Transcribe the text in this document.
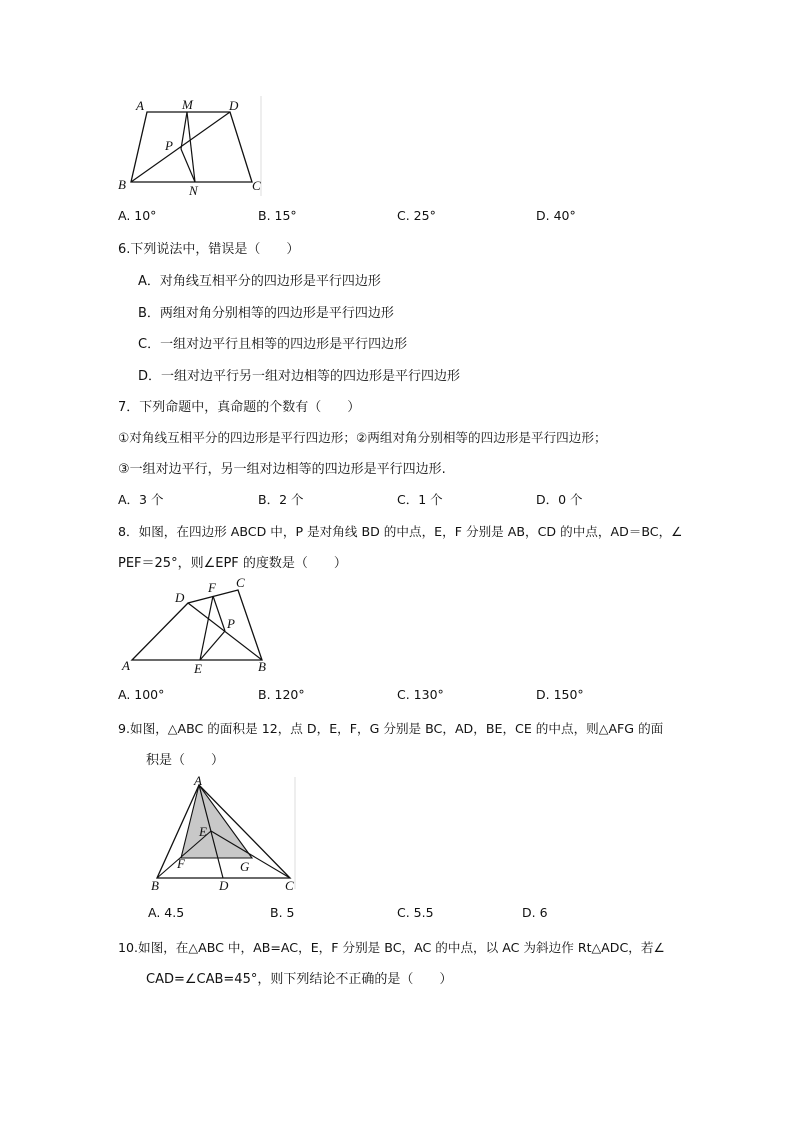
A	M	D
P
B	N	C
A. 10°	B. 15°	C. 25°	D. 40°
6.下列说法中，错误是（　　）
A．对角线互相平分的四边形是平行四边形
B．两组对角分别相等的四边形是平行四边形
C．一组对边平行且相等的四边形是平行四边形
D．一组对边平行另一组对边相等的四边形是平行四边形
7．下列命题中，真命题的个数有（　　）
①对角线互相平分的四边形是平行四边形；②两组对角分别相等的四边形是平行四边形；
③一组对边平行，另一组对边相等的四边形是平行四边形.
A．3 个	B．2 个	C．1 个	D．0 个
8．如图，在四边形 ABCD 中，P 是对角线 BD 的中点，E，F 分别是 AB，CD 的中点，AD＝BC，∠
PEF＝25°，则∠EPF 的度数是（　　）
D
F C
P
A	E	B
A. 100°	B. 120°	C. 130°	D. 150°
9.如图，△ABC 的面积是 12，点 D，E，F，G 分别是 BC，AD，BE，CE 的中点，则△AFG 的面
积是（　　）
A
E
F	G
B	D	C
A. 4.5	B. 5	C. 5.5	D. 6
10.如图，在△ABC 中，AB=AC，E，F 分别是 BC，AC 的中点，以 AC 为斜边作 Rt△ADC，若∠
CAD=∠CAB=45°，则下列结论不正确的是（　　）
